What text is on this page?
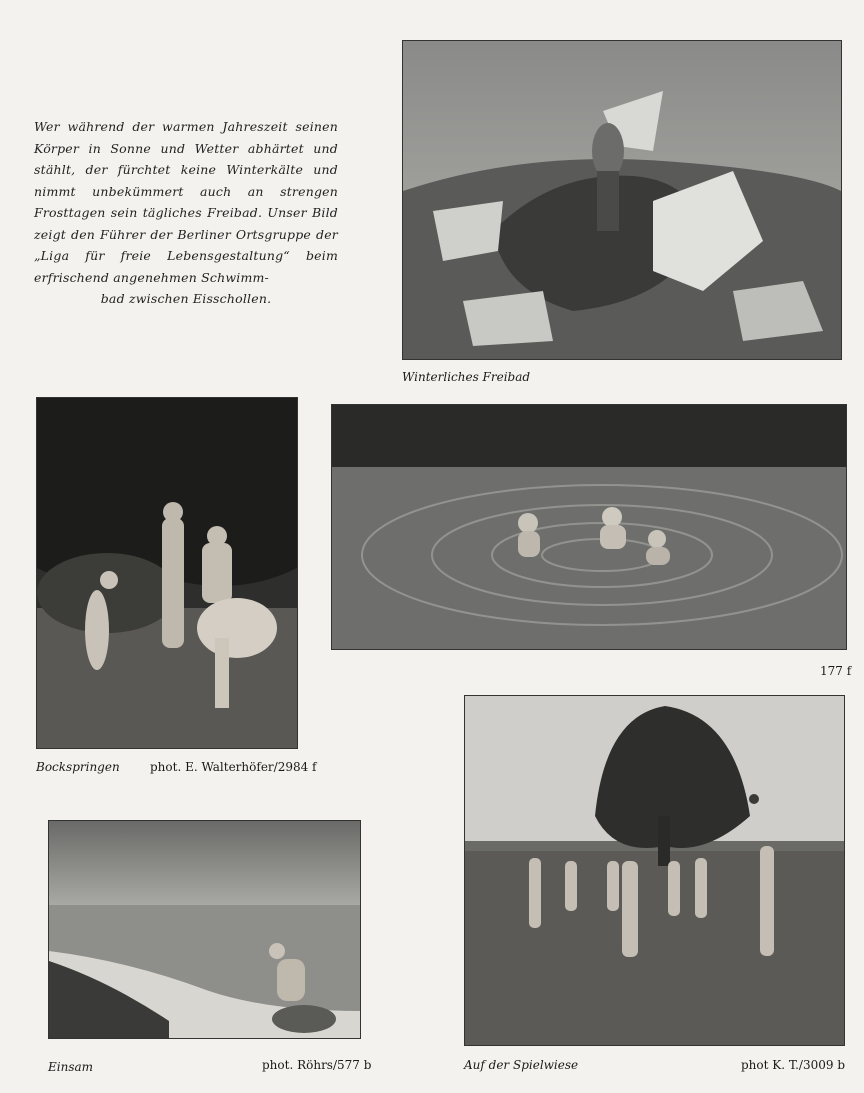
Wer während der warmen Jahreszeit seinen Körper in Sonne und Wetter abhärtet und stählt, der fürchtet keine Winterkälte und nimmt unbekümmert auch an strengen Frosttagen sein tägliches Freibad. Unser Bild zeigt den Führer der Berliner Ortsgruppe der „Liga für freie Lebensgestaltung“ beim erfrischend angenehmen Schwimm-
bad zwischen Eisschollen.
Winterliches Freibad
Bockspringen	phot. E. Walterhöfer/2984 f
177 f
Einsam	phot. Röhrs/577 b	Auf der Spielwiese	phot K. T./3009 b
